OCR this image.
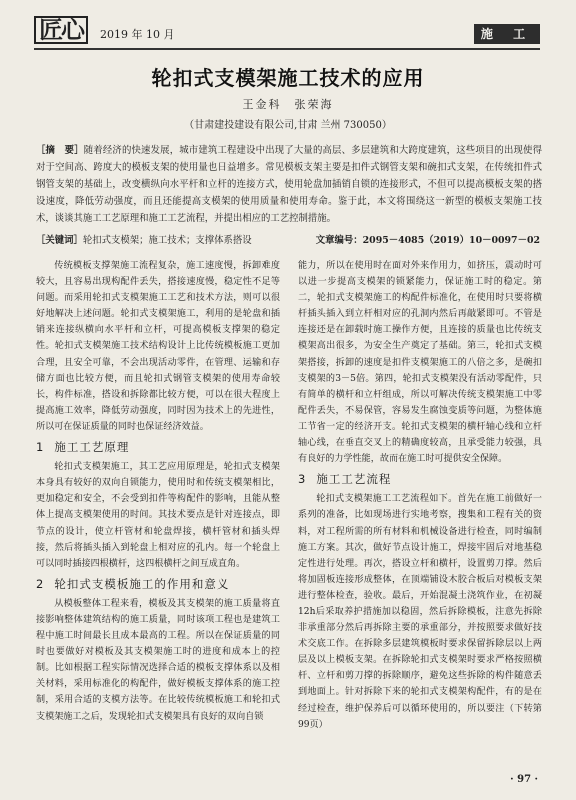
匠心	2019 年 10 月	施 工
轮扣式支模架施工技术的应用
王金科　张荣海
（甘肃建投建设有限公司,甘肃 兰州 730050）
［摘　要］随着经济的快速发展，城市建筑工程建设中出现了大量的高层、多层建筑和大跨度建筑，这些项目的出现使得对于空间高、跨度大的模板支架的使用量也日益增多。常见模板支架主要是扣件式钢管支架和碗扣式支架，在传统扣件式钢管支架的基础上，改变横纵向水平杆和立杆的连接方式，使用轮盘加插销自锁的连接形式，不但可以提高模板支架的搭设速度，降低劳动强度，而且还能提高支模架的使用质量和使用寿命。鉴于此，本文将围绕这一新型的模板支架施工技术，谈谈其施工工艺原理和施工工艺流程，并提出相应的工艺控制措施。
［关键词］轮扣式支模架；施工技术；支撑体系搭设	文章编号：2095－4085（2019）10－0097－02

传统模板支撑架施工流程复杂，施工速度慢，拆卸难度较大，且容易出现构配件丢失，搭接速度慢，稳定性不足等问题。而采用轮扣式支模架施工工艺和技术方法，则可以很好地解决上述问题。轮扣式支模架施工，利用的是轮盘和插销来连接纵横向水平杆和立杆，可提高模板支撑架的稳定性。轮扣式支模架施工技术结构设计上比传统模板施工更加合理，且安全可靠，不会出现活动零件，在管理、运输和存储方面也比较方便，而且轮扣式钢管支模架的使用寿命较长，构件标准，搭设和拆除都比较方便，可以在很大程度上提高施工效率，降低劳动强度，同时因为技术上的先进性，所以可在保证质量的同时也保证经济效益。

1 施工工艺原理

轮扣式支模架施工，其工艺应用原理是，轮扣式支模架本身具有较好的双向自锁能力，使用时和传统支模架相比，更加稳定和安全，不会受到扣件等构配件的影响，且能从整体上提高支模架使用的时间。其技术要点是针对连接点，即节点的设计，使立杆管材和轮盘焊接，横杆管材和插头焊接，然后将插头插入到轮盘上相对应的孔内。每一个轮盘上可以同时插接四根横杆，这四根横杆之间互成直角。

2 轮扣式支模板施工的作用和意义

从模板整体工程来看，模板及其支模架的施工质量将直接影响整体建筑结构的施工质量，同时该项工程也是建筑工程中施工时间最长且成本最高的工程。所以在保证质量的同时也要做好对模板及其支模架施工时的进度和成本上的控制。比如根据工程实际情况选择合适的模板支撑体系以及相关材料，采用标准化的构配件，做好模板支撑体系的施工控制，采用合适的支模方法等。在比较传统模板施工和轮扣式支模架施工之后，发现轮扣式支模架具有良好的双向自锁

能力，所以在使用时在面对外来作用力，如挤压，震动时可以进一步提高支模架的锁紧能力，保证施工时的稳定。第二，轮扣式支模架施工的构配件标准化，在使用时只要将横杆插头插入到立杆相对应的孔洞内然后再敲紧即可。不管是连接还是在卸载时施工操作方便，且连接的质量也比传统支模架高出很多，为安全生产奠定了基础。第三，轮扣式支模架搭接，拆卸的速度是扣件支模架施工的八倍之多，是碗扣支模架的3－5倍。第四，轮扣式支模架没有活动零配件，只有简单的横杆和立杆组成，所以可解决传统支模架施工中零配件丢失，不易保管，容易发生腐蚀变质等问题，为整体施工节省一定的经济开支。轮扣式支模架的横杆轴心线和立杆轴心线，在垂直交叉上的精确度较高，且承受能力较强，具有良好的力学性能，故而在施工时可提供安全保障。

3 施工工艺流程

轮扣式支模架施工工艺流程如下。首先在施工前做好一系列的准备，比如现场进行实地考察，搜集和工程有关的资料，对工程所需的所有材料和机械设备进行检查，同时编制施工方案。其次，做好节点设计施工，焊接牢固后对地基稳定性进行处理。再次，搭设立杆和横杆，设置剪刀撑。然后将加固板连接形成整体，在顶端铺设木胶合板后对模板支架进行整体检查，验收。最后，开始混凝土浇筑作业，在初凝12h后采取养护措施加以稳固，然后拆除模板，注意先拆除非承重部分然后再拆除主要的承重部分，并按照要求做好技术交底工作。在拆除多层建筑模板时要求保留拆除层以上两层及以上模板支架。在拆除轮扣式支模架时要求严格按照横杆、立杆和剪刀撑的拆除顺序，避免这些拆除的构件随意丢到地面上。针对拆除下来的轮扣式支模架构配件，有的是在经过检查，维护保养后可以循环使用的，所以要注（下转第99页）

· 97 ·
